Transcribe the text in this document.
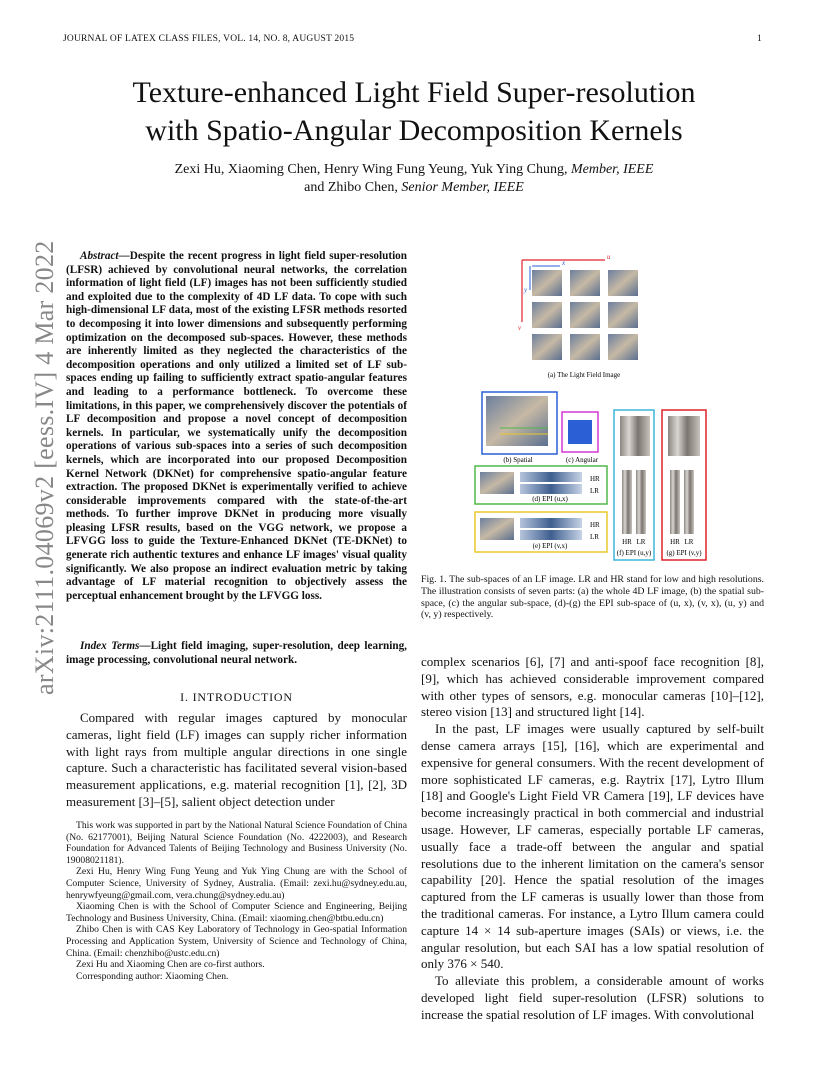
JOURNAL OF LATEX CLASS FILES, VOL. 14, NO. 8, AUGUST 2015	1
arXiv:2111.04069v2 [eess.IV] 4 Mar 2022
Texture-enhanced Light Field Super-resolution
with Spatio-Angular Decomposition Kernels
Zexi Hu, Xiaoming Chen, Henry Wing Fung Yeung, Yuk Ying Chung, Member, IEEE
and Zhibo Chen, Senior Member, IEEE
Abstract—Despite the recent progress in light field super-resolution (LFSR) achieved by convolutional neural networks, the correlation information of light field (LF) images has not been sufficiently studied and exploited due to the complexity of 4D LF data. To cope with such high-dimensional LF data, most of the existing LFSR methods resorted to decomposing it into lower dimensions and subsequently performing optimization on the decomposed sub-spaces. However, these methods are inherently limited as they neglected the characteristics of the decomposition operations and only utilized a limited set of LF sub-spaces ending up failing to sufficiently extract spatio-angular features and leading to a performance bottleneck. To overcome these limitations, in this paper, we comprehensively discover the potentials of LF decomposition and propose a novel concept of decomposition kernels. In particular, we systematically unify the decomposition operations of various sub-spaces into a series of such decomposition kernels, which are incorporated into our proposed Decomposition Kernel Network (DKNet) for comprehensive spatio-angular feature extraction. The proposed DKNet is experimentally verified to achieve considerable improvements compared with the state-of-the-art methods. To further improve DKNet in producing more visually pleasing LFSR results, based on the VGG network, we propose a LFVGG loss to guide the Texture-Enhanced DKNet (TE-DKNet) to generate rich authentic textures and enhance LF images' visual quality significantly. We also propose an indirect evaluation metric by taking advantage of LF material recognition to objectively assess the perceptual enhancement brought by the LFVGG loss.
Index Terms—Light field imaging, super-resolution, deep learning, image processing, convolutional neural network.
I. INTRODUCTION

Compared with regular images captured by monocular cameras, light field (LF) images can supply richer information with light rays from multiple angular directions in one single capture. Such a characteristic has facilitated several vision-based measurement applications, e.g. material recognition [1], [2], 3D measurement [3]–[5], salient object detection under

This work was supported in part by the National Natural Science Foundation of China (No. 62177001), Beijing Natural Science Foundation (No. 4222003), and Research Foundation for Advanced Talents of Beijing Technology and Business University (No. 19008021181).

Zexi Hu, Henry Wing Fung Yeung and Yuk Ying Chung are with the School of Computer Science, University of Sydney, Australia. (Email: zexi.hu@sydney.edu.au, henrywfyeung@gmail.com, vera.chung@sydney.edu.au)

Xiaoming Chen is with the School of Computer Science and Engineering, Beijing Technology and Business University, China. (Email: xiaoming.chen@btbu.edu.cn)

Zhibo Chen is with CAS Key Laboratory of Technology in Geo-spatial Information Processing and Application System, University of Science and Technology of China, China. (Email: chenzhibo@ustc.edu.cn)

Zexi Hu and Xiaoming Chen are co-first authors.

Corresponding author: Xiaoming Chen.

u
v
x
y
(a) The Light Field Image
(b) Spatial	(c) Angular
HR LR
(f) EPI (u,y)
HR LR
(g) EPI (v,y)
HR
LR
(d) EPI (u,x)
HR
LR
(e) EPI (v,x)
Fig. 1. The sub-spaces of an LF image. LR and HR stand for low and high resolutions. The illustration consists of seven parts: (a) the whole 4D LF image, (b) the spatial sub-space, (c) the angular sub-space, (d)-(g) the EPI sub-space of (u, x), (v, x), (u, y) and (v, y) respectively.

complex scenarios [6], [7] and anti-spoof face recognition [8], [9], which has achieved considerable improvement compared with other types of sensors, e.g. monocular cameras [10]–[12], stereo vision [13] and structured light [14].

In the past, LF images were usually captured by self-built dense camera arrays [15], [16], which are experimental and expensive for general consumers. With the recent development of more sophisticated LF cameras, e.g. Raytrix [17], Lytro Illum [18] and Google's Light Field VR Camera [19], LF devices have become increasingly practical in both commercial and industrial usage. However, LF cameras, especially portable LF cameras, usually face a trade-off between the angular and spatial resolutions due to the inherent limitation on the camera's sensor capability [20]. Hence the spatial resolution of the images captured from the LF cameras is usually lower than those from the traditional cameras. For instance, a Lytro Illum camera could capture 14 × 14 sub-aperture images (SAIs) or views, i.e. the angular resolution, but each SAI has a low spatial resolution of only 376 × 540.

To alleviate this problem, a considerable amount of works developed light field super-resolution (LFSR) solutions to increase the spatial resolution of LF images. With convolutional
